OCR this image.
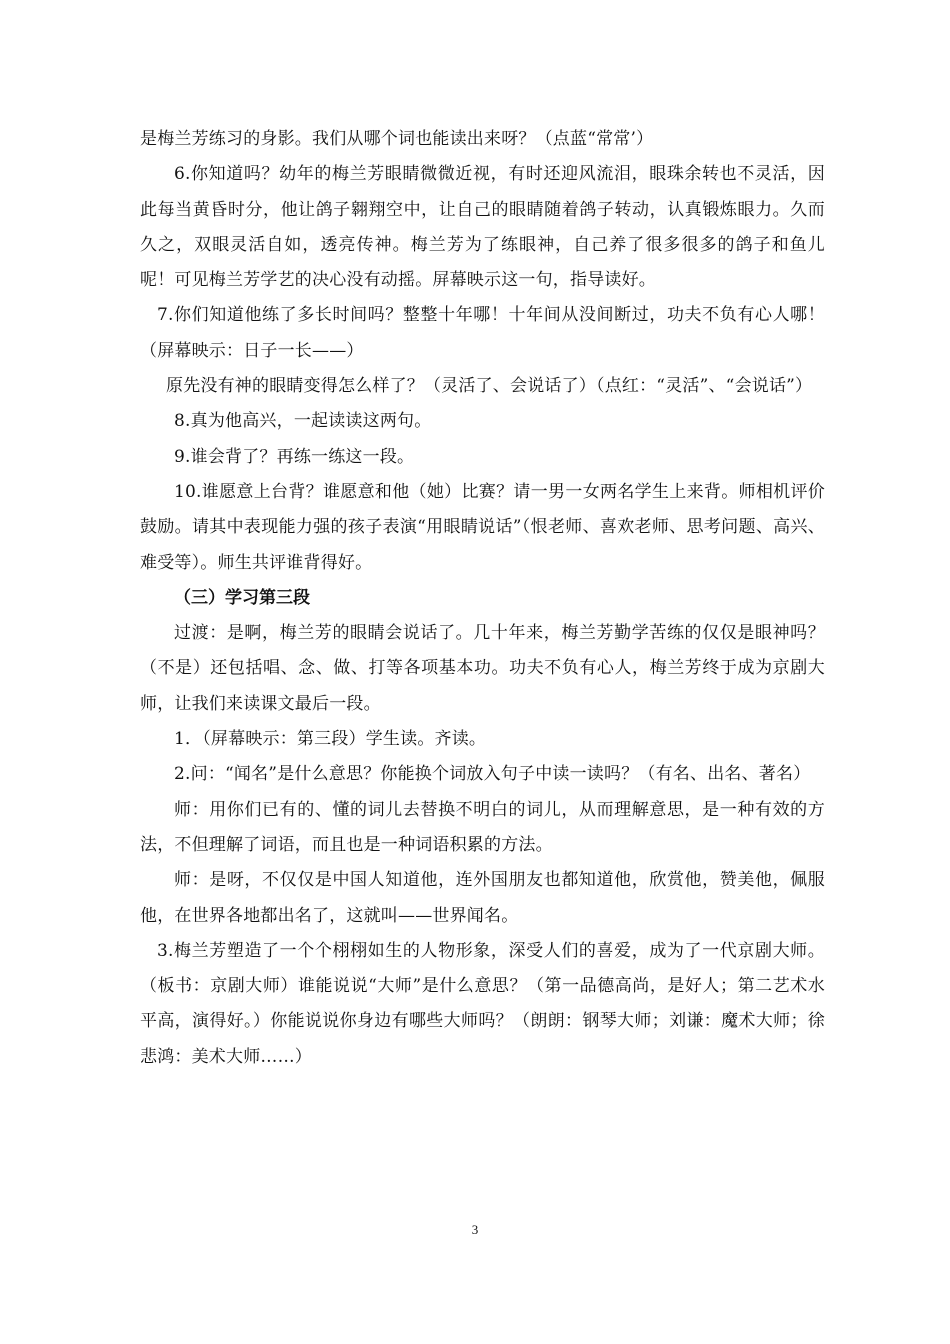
是梅兰芳练习的身影。我们从哪个词也能读出来呀？（点蓝“常常’）

6.你知道吗？幼年的梅兰芳眼睛微微近视，有时还迎风流泪，眼珠余转也不灵活，因此每当黄昏时分，他让鸽子翱翔空中，让自己的眼睛随着鸽子转动，认真锻炼眼力。久而久之，双眼灵活自如，透亮传神。梅兰芳为了练眼神，自己养了很多很多的鸽子和鱼儿呢！可见梅兰芳学艺的决心没有动摇。屏幕映示这一句，指导读好。

7.你们知道他练了多长时间吗？整整十年哪！十年间从没间断过，功夫不负有心人哪！（屏幕映示：日子一长——）

原先没有神的眼睛变得怎么样了？（灵活了、会说话了）（点红：“灵活”、“会说话”）

8.真为他高兴，一起读读这两句。

9.谁会背了？再练一练这一段。

10.谁愿意上台背？谁愿意和他（她）比赛？请一男一女两名学生上来背。师相机评价鼓励。请其中表现能力强的孩子表演“用眼睛说话”（恨老师、喜欢老师、思考问题、高兴、难受等）。师生共评谁背得好。

（三）学习第三段

过渡：是啊，梅兰芳的眼睛会说话了。几十年来，梅兰芳勤学苦练的仅仅是眼神吗？（不是）还包括唱、念、做、打等各项基本功。功夫不负有心人，梅兰芳终于成为京剧大师，让我们来读课文最后一段。

1．（屏幕映示：第三段）学生读。齐读。

2.问：“闻名”是什么意思？你能换个词放入句子中读一读吗？（有名、出名、著名）

师：用你们已有的、懂的词儿去替换不明白的词儿，从而理解意思，是一种有效的方法，不但理解了词语，而且也是一种词语积累的方法。

师：是呀，不仅仅是中国人知道他，连外国朋友也都知道他，欣赏他，赞美他，佩服他，在世界各地都出名了，这就叫——世界闻名。

3.梅兰芳塑造了一个个栩栩如生的人物形象，深受人们的喜爱，成为了一代京剧大师。（板书：京剧大师）谁能说说“大师”是什么意思？（第一品德高尚，是好人；第二艺术水平高，演得好。）你能说说你身边有哪些大师吗？（朗朗：钢琴大师；刘谦：魔术大师；徐悲鸿：美术大师……）

3
